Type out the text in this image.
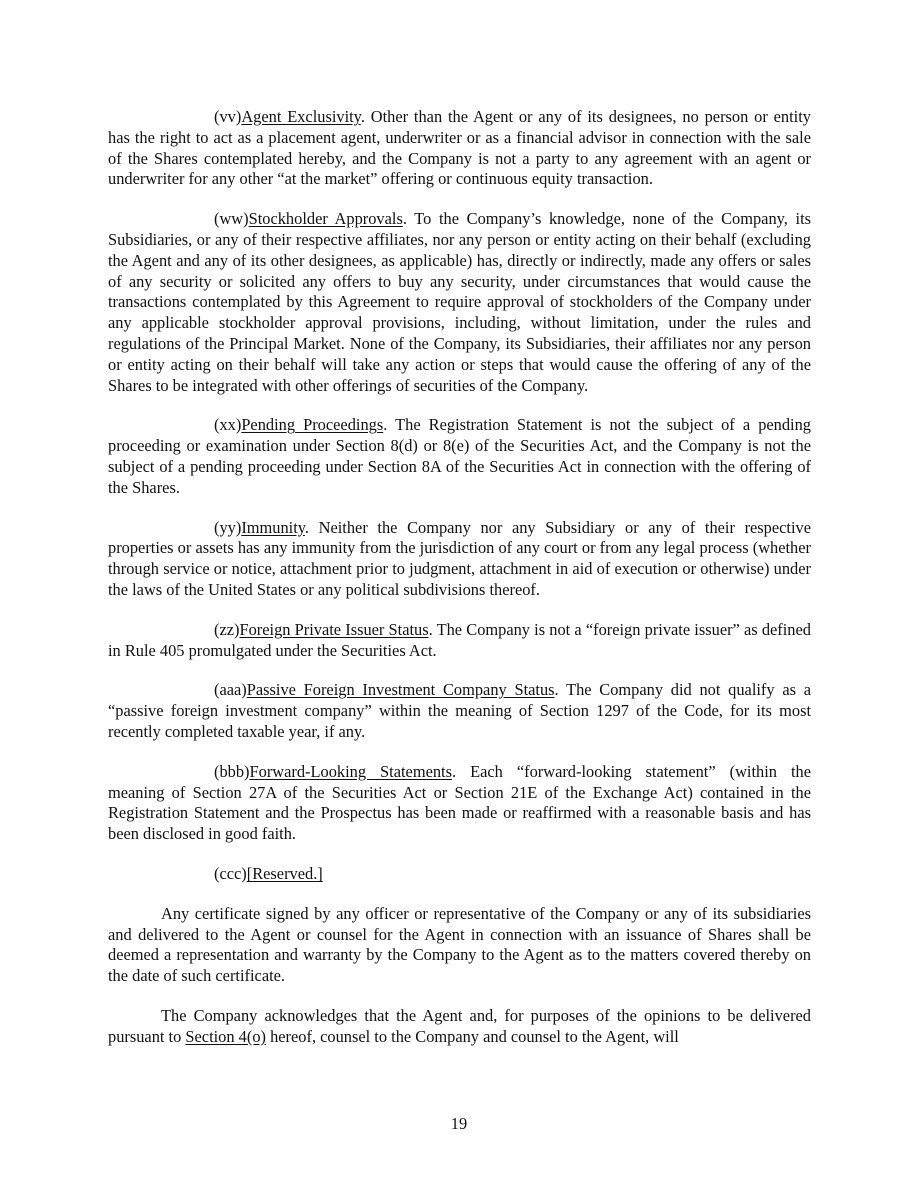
(vv)Agent Exclusivity. Other than the Agent or any of its designees, no person or entity has the right to act as a placement agent, underwriter or as a financial advisor in connection with the sale of the Shares contemplated hereby, and the Company is not a party to any agreement with an agent or underwriter for any other “at the market” offering or continuous equity transaction.

(ww)Stockholder Approvals. To the Company’s knowledge, none of the Company, its Subsidiaries, or any of their respective affiliates, nor any person or entity acting on their behalf (excluding the Agent and any of its other designees, as applicable) has, directly or indirectly, made any offers or sales of any security or solicited any offers to buy any security, under circumstances that would cause the transactions contemplated by this Agreement to require approval of stockholders of the Company under any applicable stockholder approval provisions, including, without limitation, under the rules and regulations of the Principal Market. None of the Company, its Subsidiaries, their affiliates nor any person or entity acting on their behalf will take any action or steps that would cause the offering of any of the Shares to be integrated with other offerings of securities of the Company.

(xx)Pending Proceedings. The Registration Statement is not the subject of a pending proceeding or examination under Section 8(d) or 8(e) of the Securities Act, and the Company is not the subject of a pending proceeding under Section 8A of the Securities Act in connection with the offering of the Shares.

(yy)Immunity. Neither the Company nor any Subsidiary or any of their respective properties or assets has any immunity from the jurisdiction of any court or from any legal process (whether through service or notice, attachment prior to judgment, attachment in aid of execution or otherwise) under the laws of the United States or any political subdivisions thereof.

(zz)Foreign Private Issuer Status. The Company is not a “foreign private issuer” as defined in Rule 405 promulgated under the Securities Act.

(aaa)Passive Foreign Investment Company Status. The Company did not qualify as a “passive foreign investment company” within the meaning of Section 1297 of the Code, for its most recently completed taxable year, if any.

(bbb)Forward-Looking Statements. Each “forward-looking statement” (within the meaning of Section 27A of the Securities Act or Section 21E of the Exchange Act) contained in the Registration Statement and the Prospectus has been made or reaffirmed with a reasonable basis and has been disclosed in good faith.

(ccc)[Reserved.]

Any certificate signed by any officer or representative of the Company or any of its subsidiaries and delivered to the Agent or counsel for the Agent in connection with an issuance of Shares shall be deemed a representation and warranty by the Company to the Agent as to the matters covered thereby on the date of such certificate.

The Company acknowledges that the Agent and, for purposes of the opinions to be delivered pursuant to Section 4(o) hereof, counsel to the Company and counsel to the Agent, will

19
